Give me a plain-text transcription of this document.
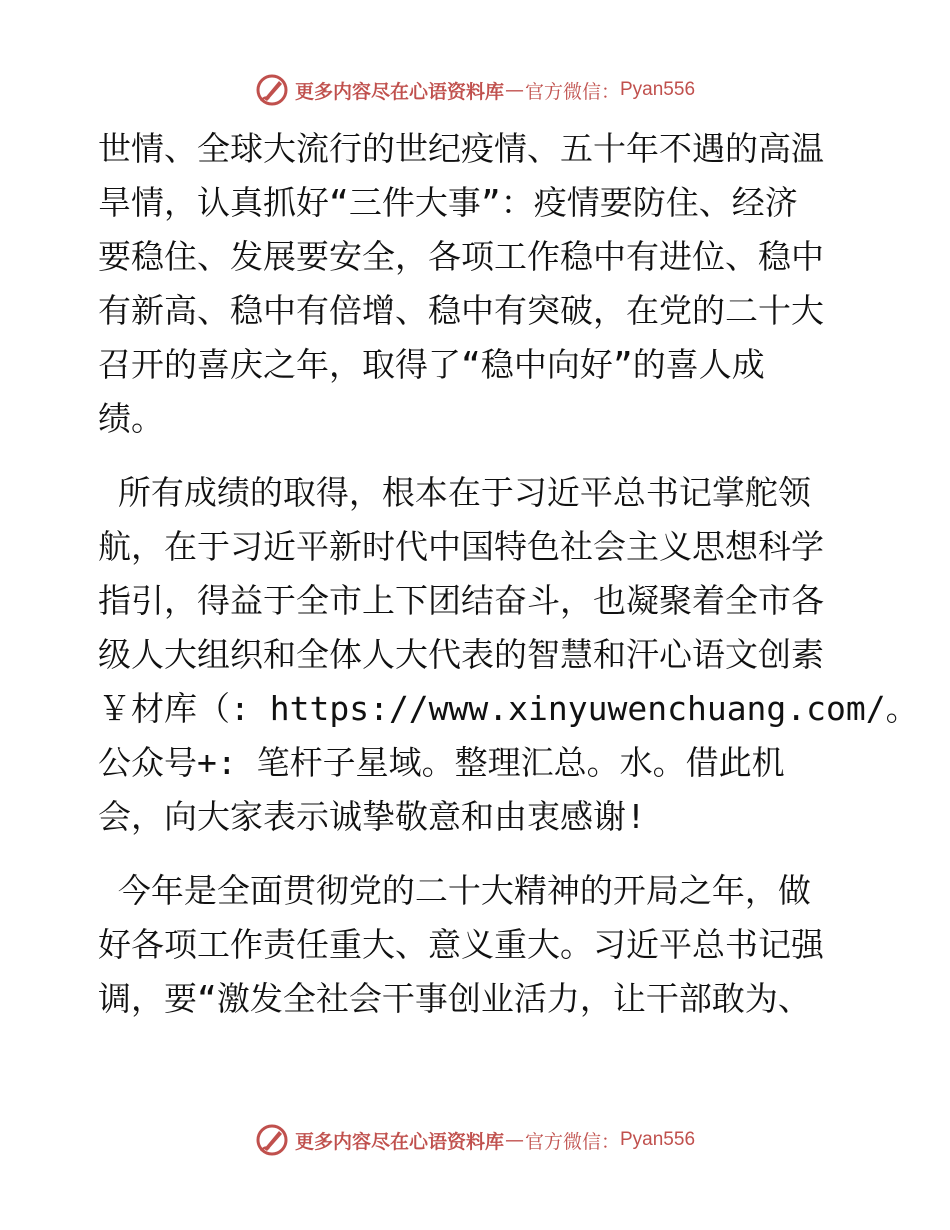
更多内容尽在心语资料库 — 官方微信： Pyan556
世情、全球大流行的世纪疫情、五十年不遇的高温
旱情，认真抓好“三件大事”：疫情要防住、经济
要稳住、发展要安全，各项工作稳中有进位、稳中
有新高、稳中有倍增、稳中有突破，在党的二十大
召开的喜庆之年，取得了“稳中向好”的喜人成
绩。
所有成绩的取得，根本在于习近平总书记掌舵领
航，在于习近平新时代中国特色社会主义思想科学
指引，得益于全市上下团结奋斗，也凝聚着全市各
级人大组织和全体人大代表的智慧和汗心语文创素
￥材库（: https://www.xinyuwenchuang.com/。
公众号+: 笔杆子星域。整理汇总。水。借此机
会，向大家表示诚挚敬意和由衷感谢!
今年是全面贯彻党的二十大精神的开局之年，做
好各项工作责任重大、意义重大。习近平总书记强
调，要“激发全社会干事创业活力，让干部敢为、
更多内容尽在心语资料库 — 官方微信： Pyan556
